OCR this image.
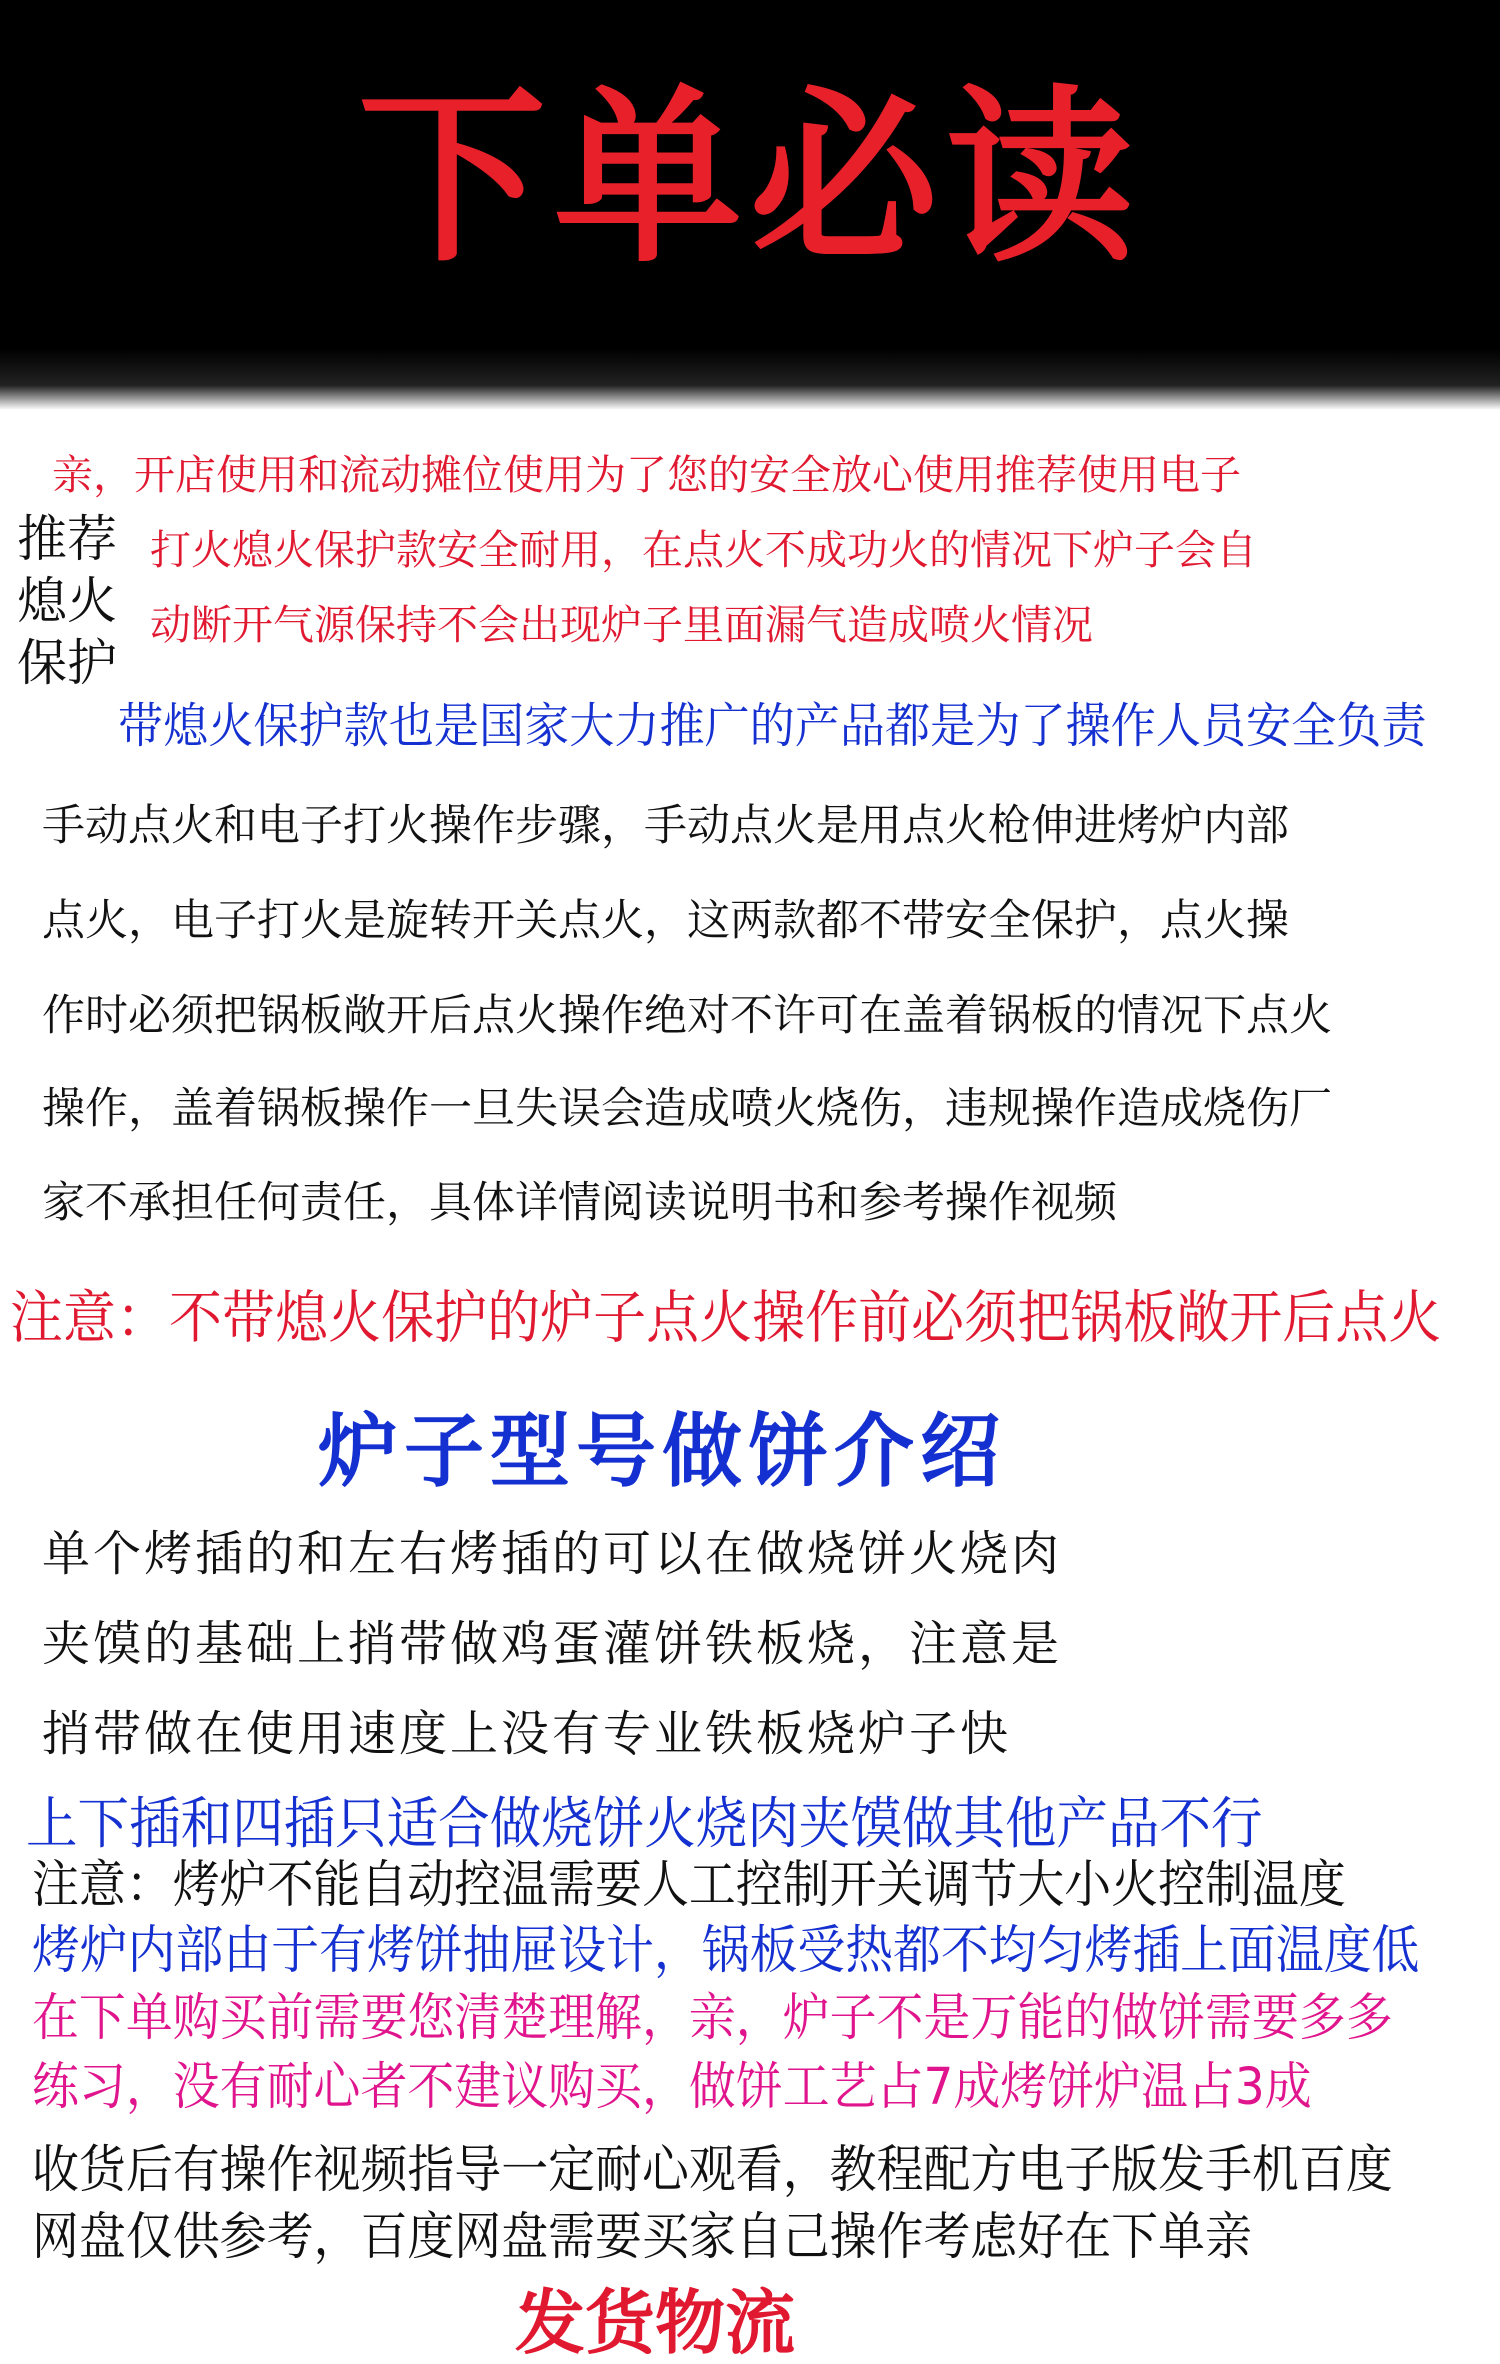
下单必读
推荐
熄火
保护
亲，开店使用和流动摊位使用为了您的安全放心使用推荐使用电子
打火熄火保护款安全耐用，在点火不成功火的情况下炉子会自
动断开气源保持不会出现炉子里面漏气造成喷火情况
带熄火保护款也是国家大力推广的产品都是为了操作人员安全负责
手动点火和电子打火操作步骤，手动点火是用点火枪伸进烤炉内部
点火，电子打火是旋转开关点火，这两款都不带安全保护，点火操
作时必须把锅板敞开后点火操作绝对不许可在盖着锅板的情况下点火
操作，盖着锅板操作一旦失误会造成喷火烧伤，违规操作造成烧伤厂
家不承担任何责任，具体详情阅读说明书和参考操作视频
注意：不带熄火保护的炉子点火操作前必须把锅板敞开后点火
炉子型号做饼介绍
单个烤插的和左右烤插的可以在做烧饼火烧肉
夹馍的基础上捎带做鸡蛋灌饼铁板烧，注意是
捎带做在使用速度上没有专业铁板烧炉子快
上下插和四插只适合做烧饼火烧肉夹馍做其他产品不行
注意：烤炉不能自动控温需要人工控制开关调节大小火控制温度
烤炉内部由于有烤饼抽屉设计，锅板受热都不均匀烤插上面温度低
在下单购买前需要您清楚理解，亲，炉子不是万能的做饼需要多多
练习，没有耐心者不建议购买，做饼工艺占7成烤饼炉温占3成
收货后有操作视频指导一定耐心观看，教程配方电子版发手机百度
网盘仅供参考，百度网盘需要买家自己操作考虑好在下单亲
发货物流
